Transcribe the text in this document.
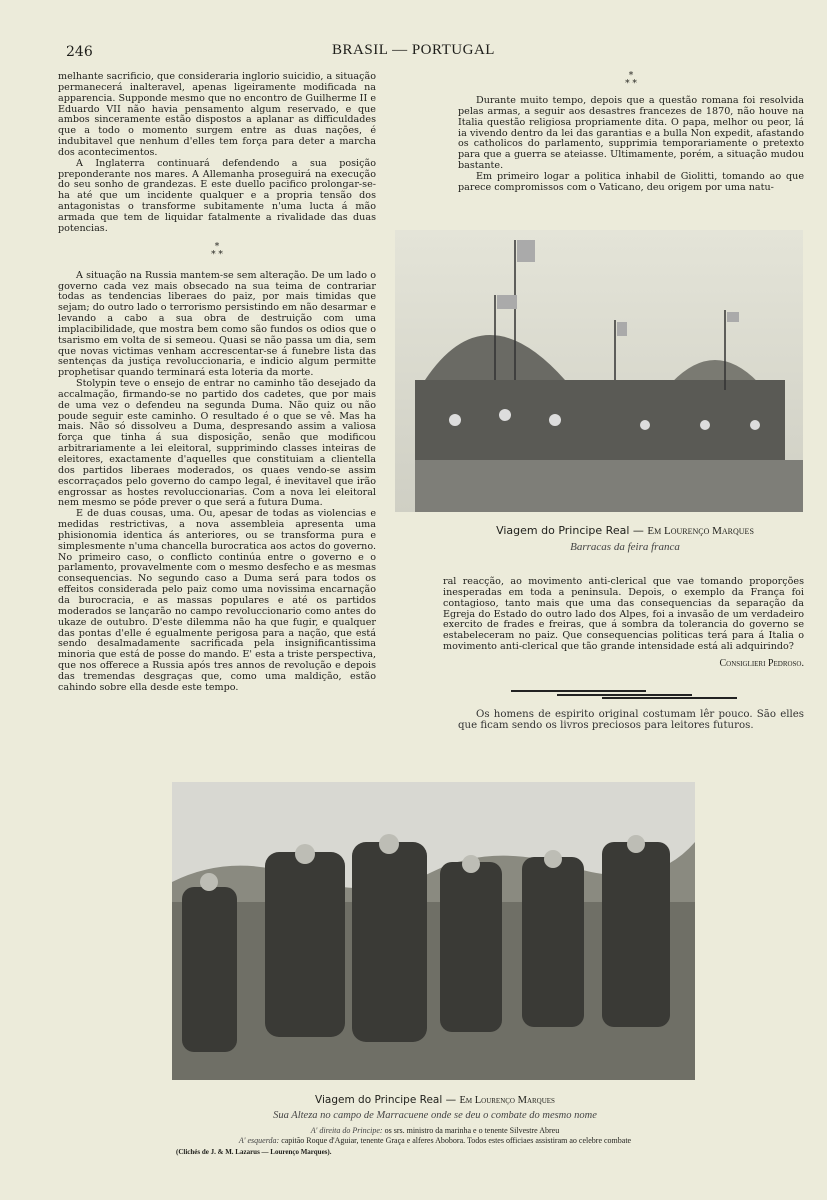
246	BRASIL — PORTUGAL

melhante sacrificio, que consideraria inglorio suicidio, a situação permanecerá inalteravel, apenas ligeiramente modificada na apparencia. Supponde mesmo que no encontro de Guilherme II e Eduardo VII não havia pensamento algum reservado, e que ambos sinceramente estão dispostos a aplanar as difficuldades que a todo o momento surgem entre as duas nações, é indubitavel que nenhum d'elles tem força para deter a marcha dos acontecimentos.

A Inglaterra continuará defendendo a sua posição preponderante nos mares. A Allemanha proseguirá na execução do seu sonho de grandezas. E este duello pacifico prolongar-se-ha até que um incidente qualquer e a propria tensão dos antagonistas o transforme subitamente n'uma lucta á mão armada que tem de liquidar fatalmente a rivalidade das duas potencias.

*
* *

A situação na Russia mantem-se sem alteração. De um lado o governo cada vez mais obsecado na sua teima de contrariar todas as tendencias liberaes do paiz, por mais timidas que sejam; do outro lado o terrorismo persistindo em não desarmar e levando a cabo a sua obra de destruição com uma implacibilidade, que mostra bem como são fundos os odios que o tsarismo em volta de si semeou. Quasi se não passa um dia, sem que novas victimas venham accrescentar-se á funebre lista das sentenças da justiça revoluccionaria, e indicio algum permitte prophetisar quando terminará esta loteria da morte.

Stolypin teve o ensejo de entrar no caminho tão desejado da accalmação, firmando-se no partido dos cadetes, que por mais de uma vez o defendeu na segunda Duma. Não quiz ou não poude seguir este caminho. O resultado é o que se vê. Mas ha mais. Não só dissolveu a Duma, despresando assim a valiosa força que tinha á sua disposição, senão que modificou arbitrariamente a lei eleitoral, supprimindo classes inteiras de eleitores, exactamente d'aquelles que constituiam a clientella dos partidos liberaes moderados, os quaes vendo-se assim escorraçados pelo governo do campo legal, é inevitavel que irão engrossar as hostes revoluccionarias. Com a nova lei eleitoral nem mesmo se póde prever o que será a futura Duma.

E de duas cousas, uma. Ou, apesar de todas as violencias e medidas restrictivas, a nova assembleia apresenta uma phisionomia identica ás anteriores, ou se transforma pura e simplesmente n'uma chancella burocratica aos actos do governo. No primeiro caso, o conflicto continúa entre o governo e o parlamento, provavelmente com o mesmo desfecho e as mesmas consequencias. No segundo caso a Duma será para todos os effeitos considerada pelo paiz como uma novissima encarnação da burocracia, e as massas populares e até os partidos moderados se lançarão no campo revoluccionario como antes do ukaze de outubro. D'este dilemma não ha que fugir, e qualquer das pontas d'elle é egualmente perigosa para a nação, que está sendo desalmadamente sacrificada pela insignificantissima minoria que está de posse do mando. E' esta a triste perspectiva, que nos offerece a Russia após tres annos de revolução e depois das tremendas desgraças que, como uma maldição, estão cahindo sobre ella desde este tempo.

*
* *

Durante muito tempo, depois que a questão romana foi resolvida pelas armas, a seguir aos desastres francezes de 1870, não houve na Italia questão religiosa propriamente dita. O papa, melhor ou peor, lá ia vivendo dentro da lei das garantias e a bulla Non expedit, afastando os catholicos do parlamento, supprimia temporariamente o pretexto para que a guerra se ateiasse. Ultimamente, porém, a situação mudou bastante.

Em primeiro logar a politica inhabil de Giolitti, tomando ao que parece compromissos com o Vaticano, deu origem por uma natu-

Viagem do Principe Real — Em Lourenço Marques
Barracas da feira franca

ral reacção, ao movimento anti-clerical que vae tomando proporções inesperadas em toda a peninsula. Depois, o exemplo da França foi contagioso, tanto mais que uma das consequencias da separação da Egreja do Estado do outro lado dos Alpes, foi a invasão de um verdadeiro exercito de frades e freiras, que á sombra da tolerancia do governo se estabeleceram no paiz. Que consequencias politicas terá para á Italia o movimento anti-clerical que tão grande intensidade está ali adquirindo?

Consiglieri Pedroso.

Os homens de espirito original costumam lêr pouco. São elles que ficam sendo os livros preciosos para leitores futuros.

Viagem do Principe Real — Em Lourenço Marques
Sua Alteza no campo de Marracuene onde se deu o combate do mesmo nome
A' direita do Principe: os srs. ministro da marinha e o tenente Silvestre Abreu
A' esquerda: capitão Roque d'Aguiar, tenente Graça e alferes Abobora. Todos estes officiaes assistiram ao celebre combate
(Clichés de J. & M. Lazarus — Lourenço Marques).
